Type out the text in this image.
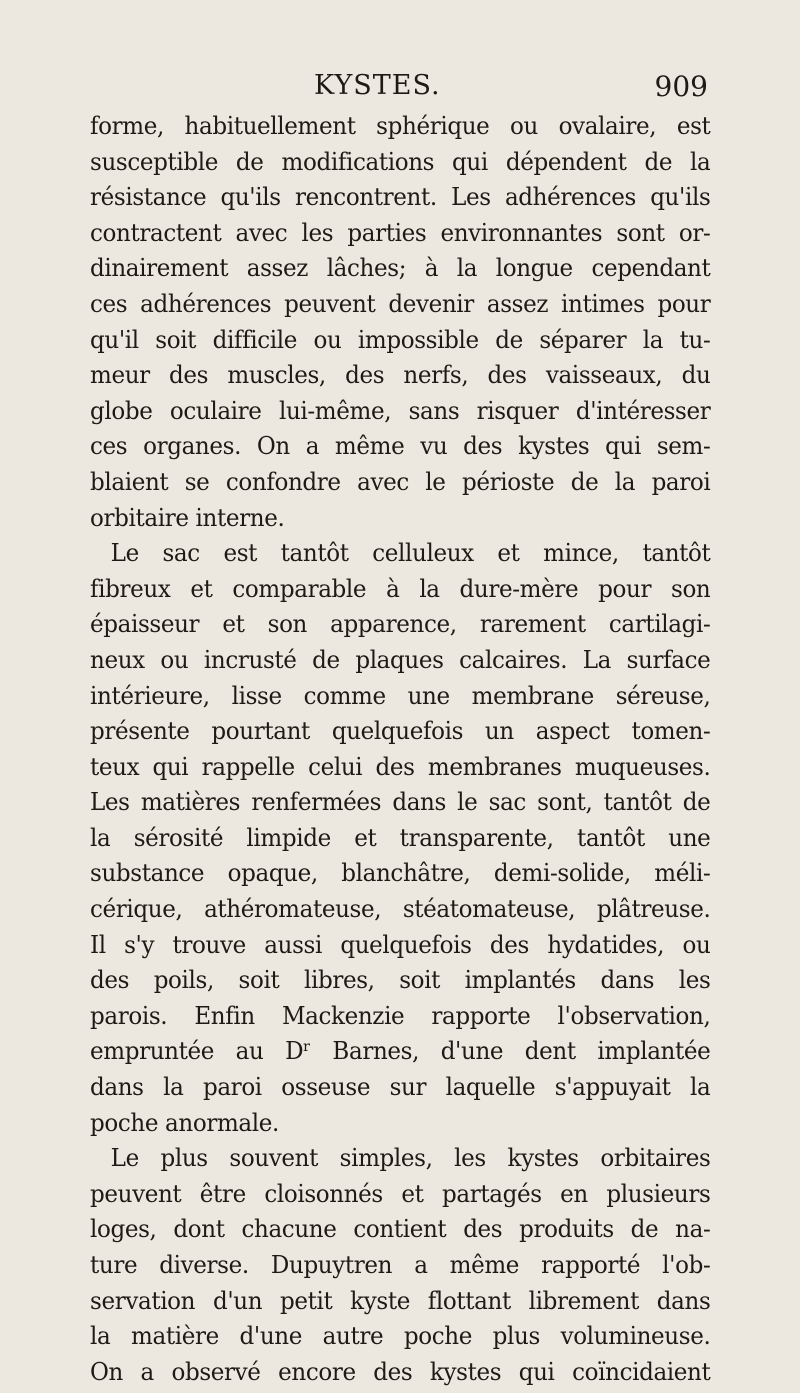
KYSTES.	909
forme, habituellement sphérique ou ovalaire, est
susceptible de modifications qui dépendent de la
résistance qu'ils rencontrent. Les adhérences qu'ils
contractent avec les parties environnantes sont or-
dinairement assez lâches; à la longue cependant
ces adhérences peuvent devenir assez intimes pour
qu'il soit difficile ou impossible de séparer la tu-
meur des muscles, des nerfs, des vaisseaux, du
globe oculaire lui-même, sans risquer d'intéresser
ces organes. On a même vu des kystes qui sem-
blaient se confondre avec le périoste de la paroi
orbitaire interne.
Le sac est tantôt celluleux et mince, tantôt
fibreux et comparable à la dure-mère pour son
épaisseur et son apparence, rarement cartilagi-
neux ou incrusté de plaques calcaires. La surface
intérieure, lisse comme une membrane séreuse,
présente pourtant quelquefois un aspect tomen-
teux qui rappelle celui des membranes muqueuses.
Les matières renfermées dans le sac sont, tantôt de
la sérosité limpide et transparente, tantôt une
substance opaque, blanchâtre, demi-solide, méli-
cérique, athéromateuse, stéatomateuse, plâtreuse.
Il s'y trouve aussi quelquefois des hydatides, ou
des poils, soit libres, soit implantés dans les
parois. Enfin Mackenzie rapporte l'observation,
empruntée au Dʳ Barnes, d'une dent implantée
dans la paroi osseuse sur laquelle s'appuyait la
poche anormale.
Le plus souvent simples, les kystes orbitaires
peuvent être cloisonnés et partagés en plusieurs
loges, dont chacune contient des produits de na-
ture diverse. Dupuytren a même rapporté l'ob-
servation d'un petit kyste flottant librement dans
la matière d'une autre poche plus volumineuse.
On a observé encore des kystes qui coïncidaient
